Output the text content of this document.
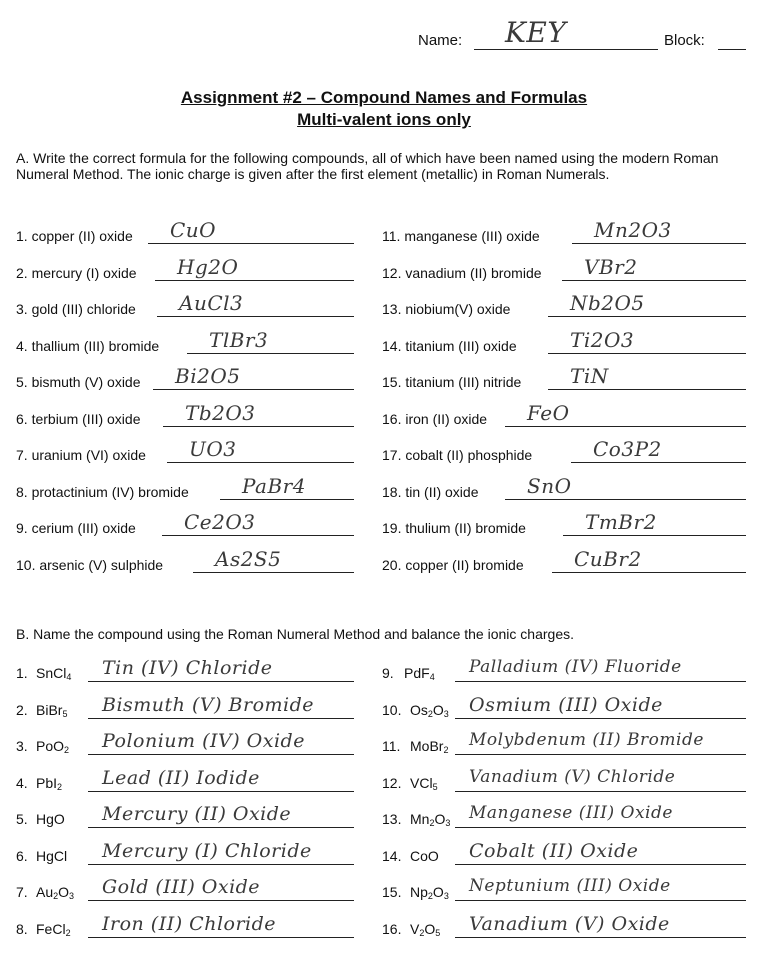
Name: KEY	Block:
Assignment #2 – Compound Names and Formulas
Multi-valent ions only
A. Write the correct formula for the following compounds, all of which have been named using the modern Roman Numeral Method. The ionic charge is given after the first element (metallic) in Roman Numerals.
1. copper (II) oxide CuO
2. mercury (I) oxide Hg2O
3. gold (III) chloride AuCl3
4. thallium (III) bromide TlBr3
5. bismuth (V) oxide Bi2O5
6. terbium (III) oxide Tb2O3
7. uranium (VI) oxide UO3
8. protactinium (IV) bromide	PaBr4
9. cerium (III) oxide Ce2O3
10. arsenic (V) sulphide	As2S5
11. manganese (III) oxide	Mn2O3
12. vanadium (II) bromide VBr2
13. niobium(V) oxide	Nb2O5
14. titanium (III) oxide	Ti2O3
15. titanium (III) nitride TiN
16. iron (II) oxide FeO
17. cobalt (II) phosphide	Co3P2
18. tin (II) oxide SnO
19. thulium (II) bromide	TmBr2
20. copper (II) bromide	CuBr2
B. Name the compound using the Roman Numeral Method and balance the ionic charges.
1. SnCl$_4$ Tin (IV) Chloride
2. BiBr$_5$ Bismuth (V) Bromide
3. PoO$_2$ Polonium (IV) Oxide
4. PbI$_2$ Lead (II) Iodide
5. HgO Mercury (II) Oxide
6. HgCl Mercury (I) Chloride
7. $Au_2O_3$ Gold (III) Oxide
8. FeCl$_2$ Iron (II) Chloride
9. PdF$_4$ Palladium (IV) Fluoride
10. $Os_2O_3$ Osmium (III) Oxide
11. MoBr$_2$ Molybdenum (II) Bromide
12. VCl$_5$ Vanadium (V) Chloride
13. $Mn_2O_3$ Manganese (III) Oxide
14. CoO Cobalt (II) Oxide
15. $Np_2O_3$ Neptunium (III) Oxide
16. $V_2O_5$ Vanadium (V) Oxide
